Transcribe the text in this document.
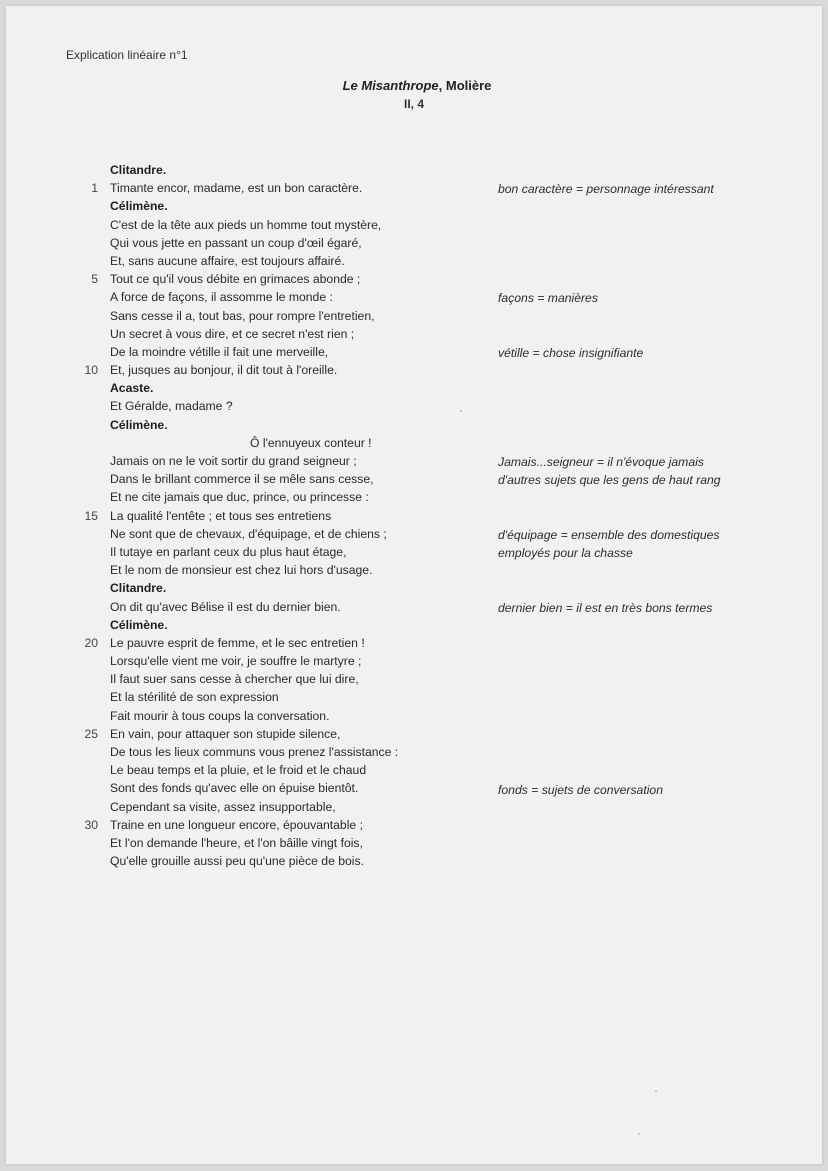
Explication linéaire n°1
Le Misanthrope, Molière
II, 4
Clitandre.
1 Timante encor, madame, est un bon caractère.
Célimène.
C'est de la tête aux pieds un homme tout mystère,
Qui vous jette en passant un coup d'œil égaré,
Et, sans aucune affaire, est toujours affairé.
5 Tout ce qu'il vous débite en grimaces abonde ;
A force de façons, il assomme le monde :
Sans cesse il a, tout bas, pour rompre l'entretien,
Un secret à vous dire, et ce secret n'est rien ;
De la moindre vétille il fait une merveille,
10 Et, jusques au bonjour, il dit tout à l'oreille.
Acaste.
Et Géralde, madame ?
Célimène.
Ô l'ennuyeux conteur !
Jamais on ne le voit sortir du grand seigneur ;
Dans le brillant commerce il se mêle sans cesse,
Et ne cite jamais que duc, prince, ou princesse :
15 La qualité l'entête ; et tous ses entretiens
Ne sont que de chevaux, d'équipage, et de chiens ;
Il tutaye en parlant ceux du plus haut étage,
Et le nom de monsieur est chez lui hors d'usage.
Clitandre.
On dit qu'avec Bélise il est du dernier bien.
Célimène.
20 Le pauvre esprit de femme, et le sec entretien !
Lorsqu'elle vient me voir, je souffre le martyre ;
Il faut suer sans cesse à chercher que lui dire,
Et la stérilité de son expression
Fait mourir à tous coups la conversation.
25 En vain, pour attaquer son stupide silence,
De tous les lieux communs vous prenez l'assistance :
Le beau temps et la pluie, et le froid et le chaud
Sont des fonds qu'avec elle on épuise bientôt.
Cependant sa visite, assez insupportable,
30 Traine en une longueur encore, épouvantable ;
Et l'on demande l'heure, et l'on bâille vingt fois,
Qu'elle grouille aussi peu qu'une pièce de bois.
bon caractère = personnage intéressant
façons = manières
vétille = chose insignifiante
Jamais...seigneur = il n'évoque jamais
d'autres sujets que les gens de haut rang
d'équipage = ensemble des domestiques
employés pour la chasse
dernier bien = il est en très bons termes
fonds = sujets de conversation
